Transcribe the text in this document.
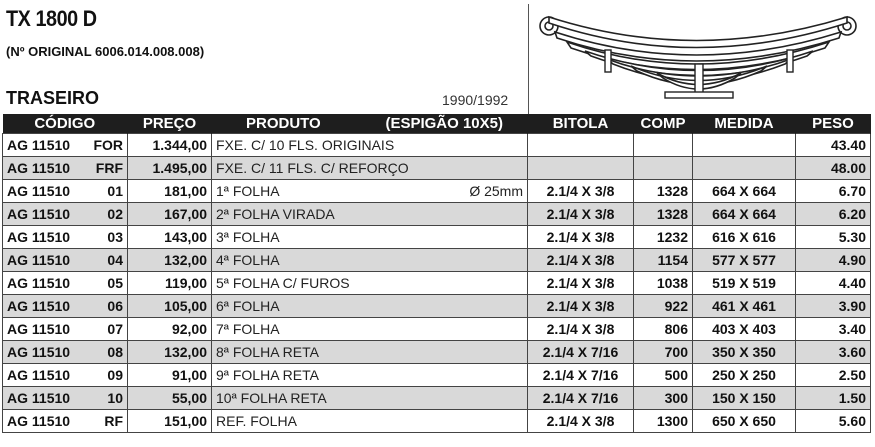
TX 1800 D
(Nº ORIGINAL 6006.014.008.008)
TRASEIRO	1990/1992
CÓDIGO	PREÇO	PRODUTO (ESPIGÃO 10X5)	BITOLA	COMP	MEDIDA	PESO

AG 11510 FOR	1.344,00	FXE. C/ 10 FLS. ORIGINAIS				43.40

AG 11510 FRF	1.495,00	FXE. C/ 11 FLS. C/ REFORÇO				48.00

AG 11510 01	181,00	1ª FOLHA Ø 25mm	2.1/4 X 3/8	1328	664 X 664	6.70

AG 11510 02	167,00	2ª FOLHA VIRADA	2.1/4 X 3/8	1328	664 X 664	6.20

AG 11510 03	143,00	3ª FOLHA	2.1/4 X 3/8	1232	616 X 616	5.30

AG 11510 04	132,00	4ª FOLHA	2.1/4 X 3/8	1154	577 X 577	4.90

AG 11510 05	119,00	5ª FOLHA C/ FUROS	2.1/4 X 3/8	1038	519 X 519	4.40

AG 11510 06	105,00	6ª FOLHA	2.1/4 X 3/8	922	461 X 461	3.90

AG 11510 07	92,00	7ª FOLHA	2.1/4 X 3/8	806	403 X 403	3.40

AG 11510 08	132,00	8ª FOLHA RETA	2.1/4 X 7/16	700	350 X 350	3.60

AG 11510 09	91,00	9ª FOLHA RETA	2.1/4 X 7/16	500	250 X 250	2.50

AG 11510 10	55,00	10ª FOLHA RETA	2.1/4 X 7/16	300	150 X 150	1.50

AG 11510 RF	151,00	REF. FOLHA	2.1/4 X 3/8	1300	650 X 650	5.60
